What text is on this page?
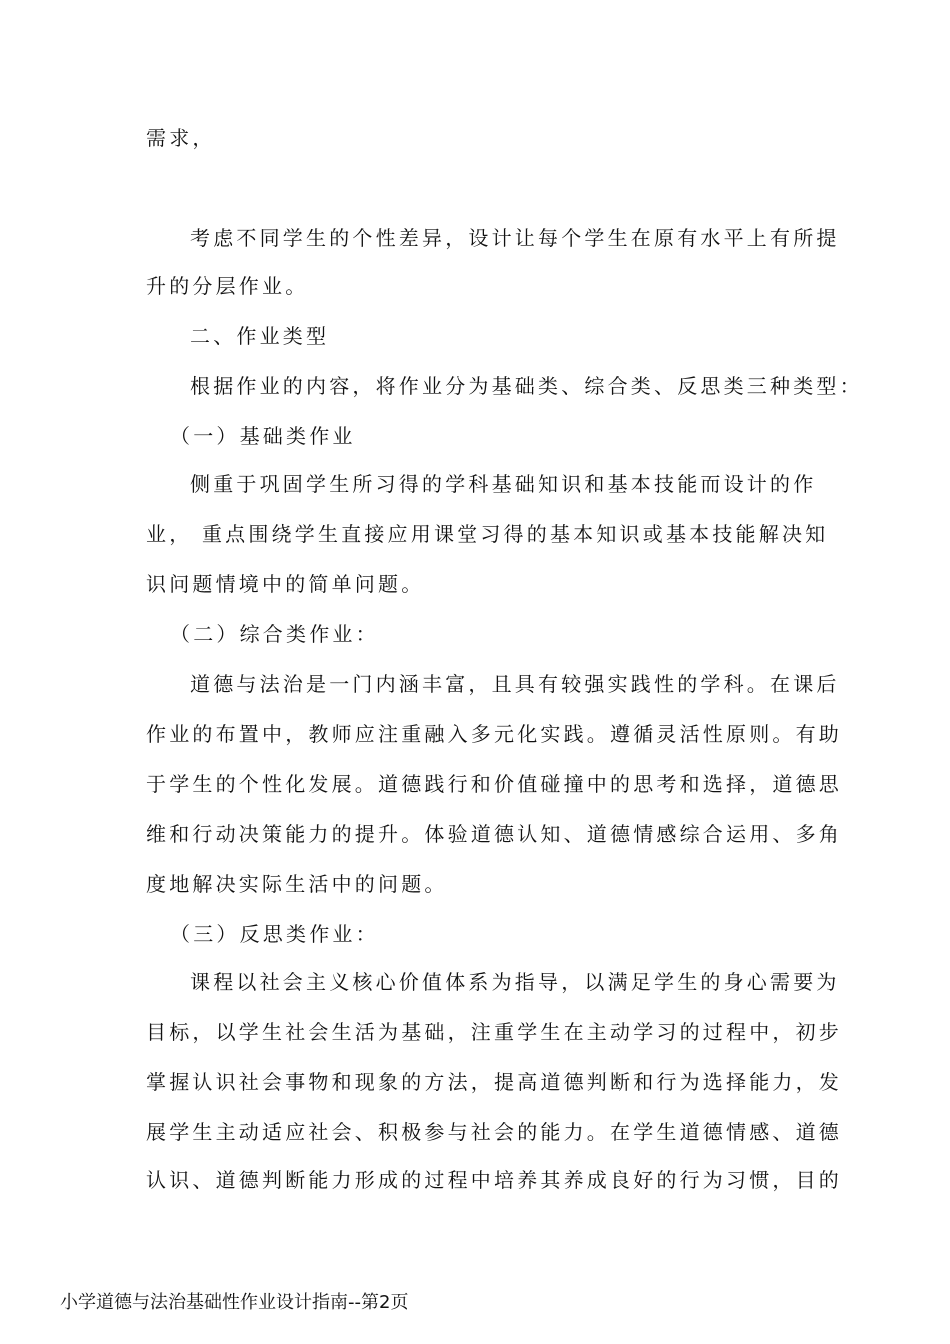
需求，
考虑不同学生的个性差异，设计让每个学生在原有水平上有所提
升的分层作业。
二、作业类型
根据作业的内容，将作业分为基础类、综合类、反思类三种类型：
（一）基础类作业
侧重于巩固学生所习得的学科基础知识和基本技能而设计的作
业， 重点围绕学生直接应用课堂习得的基本知识或基本技能解决知
识问题情境中的简单问题。
（二）综合类作业：
道德与法治是一门内涵丰富，且具有较强实践性的学科。在课后
作业的布置中，教师应注重融入多元化实践。遵循灵活性原则。有助
于学生的个性化发展。道德践行和价值碰撞中的思考和选择，道德思
维和行动决策能力的提升。体验道德认知、道德情感综合运用、多角
度地解决实际生活中的问题。
（三）反思类作业：
课程以社会主义核心价值体系为指导，以满足学生的身心需要为
目标，以学生社会生活为基础，注重学生在主动学习的过程中，初步
掌握认识社会事物和现象的方法，提高道德判断和行为选择能力，发
展学生主动适应社会、积极参与社会的能力。在学生道德情感、道德
认识、道德判断能力形成的过程中培养其养成良好的行为习惯，目的
小学道德与法治基础性作业设计指南--第2页
